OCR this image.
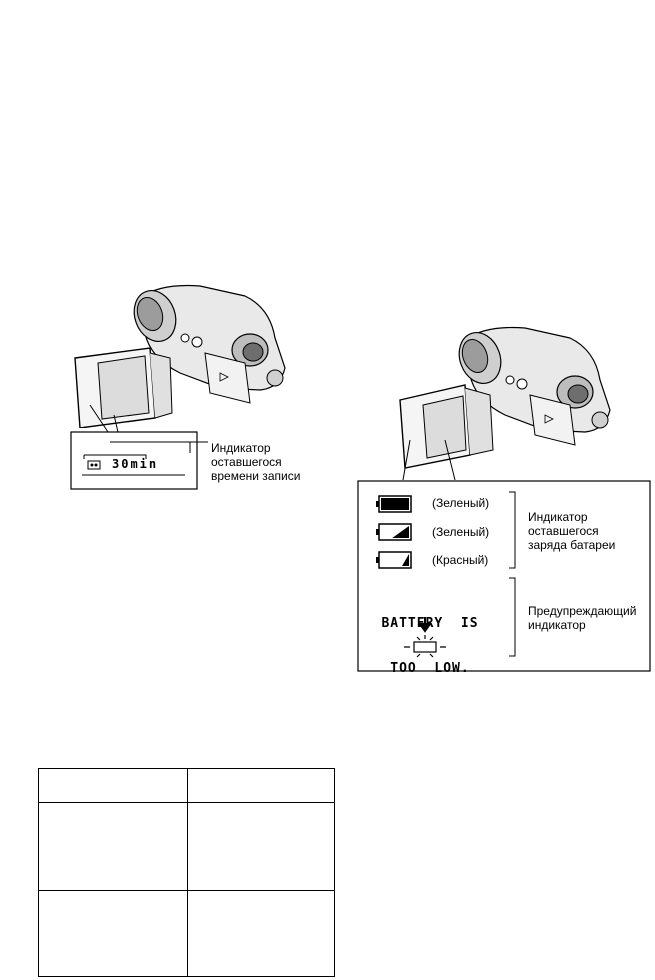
30min
Индикатор
оставшегося
времени записи
(Зеленый)
(Зеленый)
(Красный)
Индикатор
оставшегося
заряда батареи

BATTERY  IS

TOO  LOW.

Предупреждающий
индикатор
